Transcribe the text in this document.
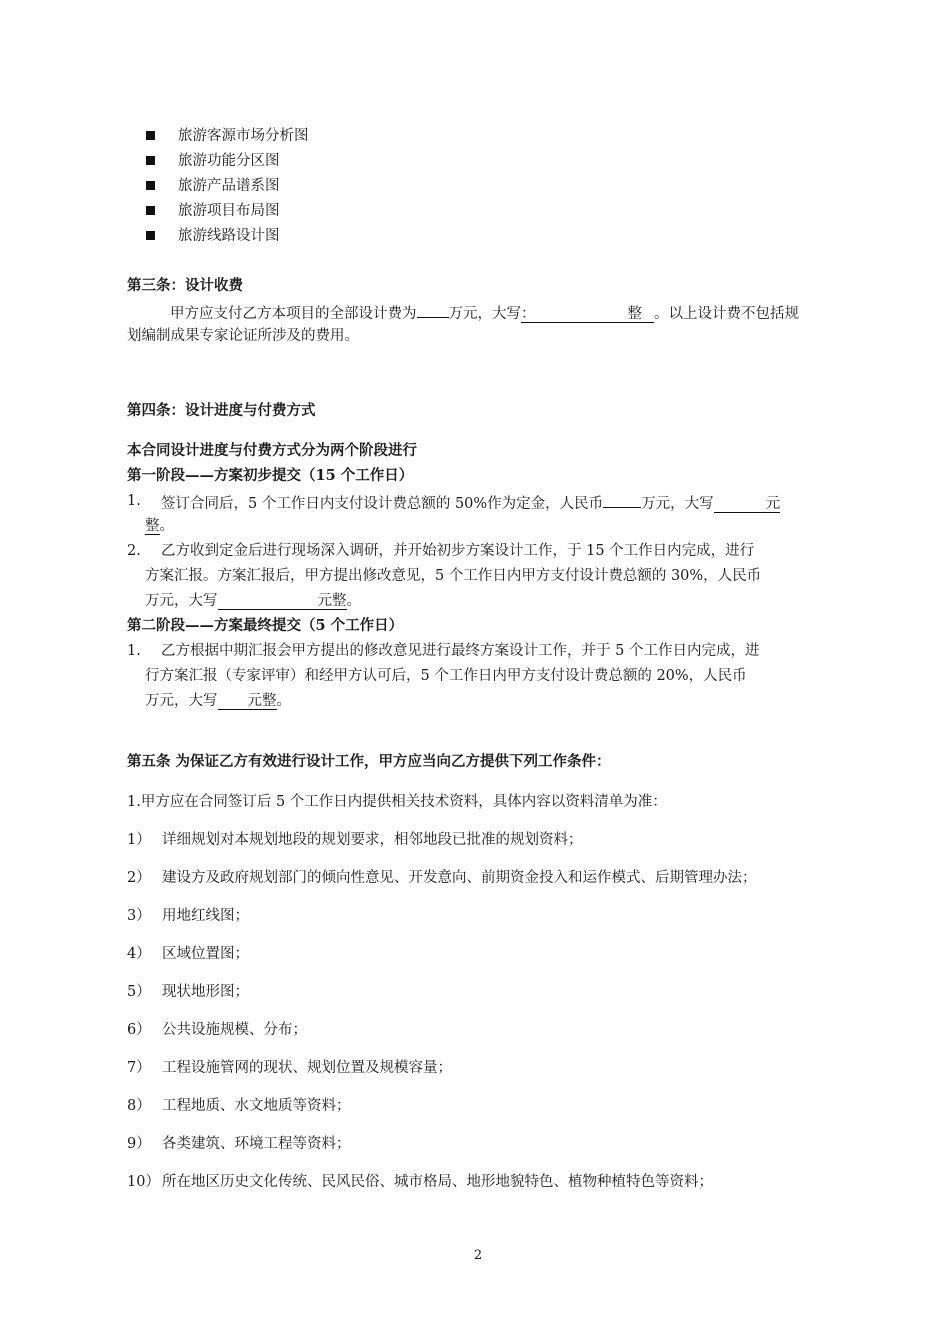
旅游客源市场分析图
旅游功能分区图
旅游产品谱系图
旅游项目布局图
旅游线路设计图
第三条：设计收费
甲方应支付乙方本项目的全部设计费为 万元，大写：	整 。以上设计费不包括规
划编制成果专家论证所涉及的费用。
第四条：设计进度与付费方式
本合同设计进度与付费方式分为两个阶段进行
第一阶段——方案初步提交（15 个工作日）
1. 签订合同后，5 个工作日内支付设计费总额的 50%作为定金，人民币	万元，大写	元
整。
2. 乙方收到定金后进行现场深入调研，并开始初步方案设计工作，于 15 个工作日内完成，进行
方案汇报。方案汇报后，甲方提出修改意见，5 个工作日内甲方支付设计费总额的 30%，人民币
万元，大写	元整。
第二阶段——方案最终提交（5 个工作日）
1. 乙方根据中期汇报会甲方提出的修改意见进行最终方案设计工作，并于 5 个工作日内完成，进
行方案汇报（专家评审）和经甲方认可后，5 个工作日内甲方支付设计费总额的 20%，人民币
万元，大写 元整。
第五条 为保证乙方有效进行设计工作，甲方应当向乙方提供下列工作条件：
1.甲方应在合同签订后 5 个工作日内提供相关技术资料，具体内容以资料清单为准：
1） 详细规划对本规划地段的规划要求，相邻地段已批准的规划资料；
2） 建设方及政府规划部门的倾向性意见、开发意向、前期资金投入和运作模式、后期管理办法；
3） 用地红线图；
4） 区域位置图；
5） 现状地形图；
6） 公共设施规模、分布；
7） 工程设施管网的现状、规划位置及规模容量；
8） 工程地质、水文地质等资料；
9） 各类建筑、环境工程等资料；
10） 所在地区历史文化传统、民风民俗、城市格局、地形地貌特色、植物种植特色等资料；
2
